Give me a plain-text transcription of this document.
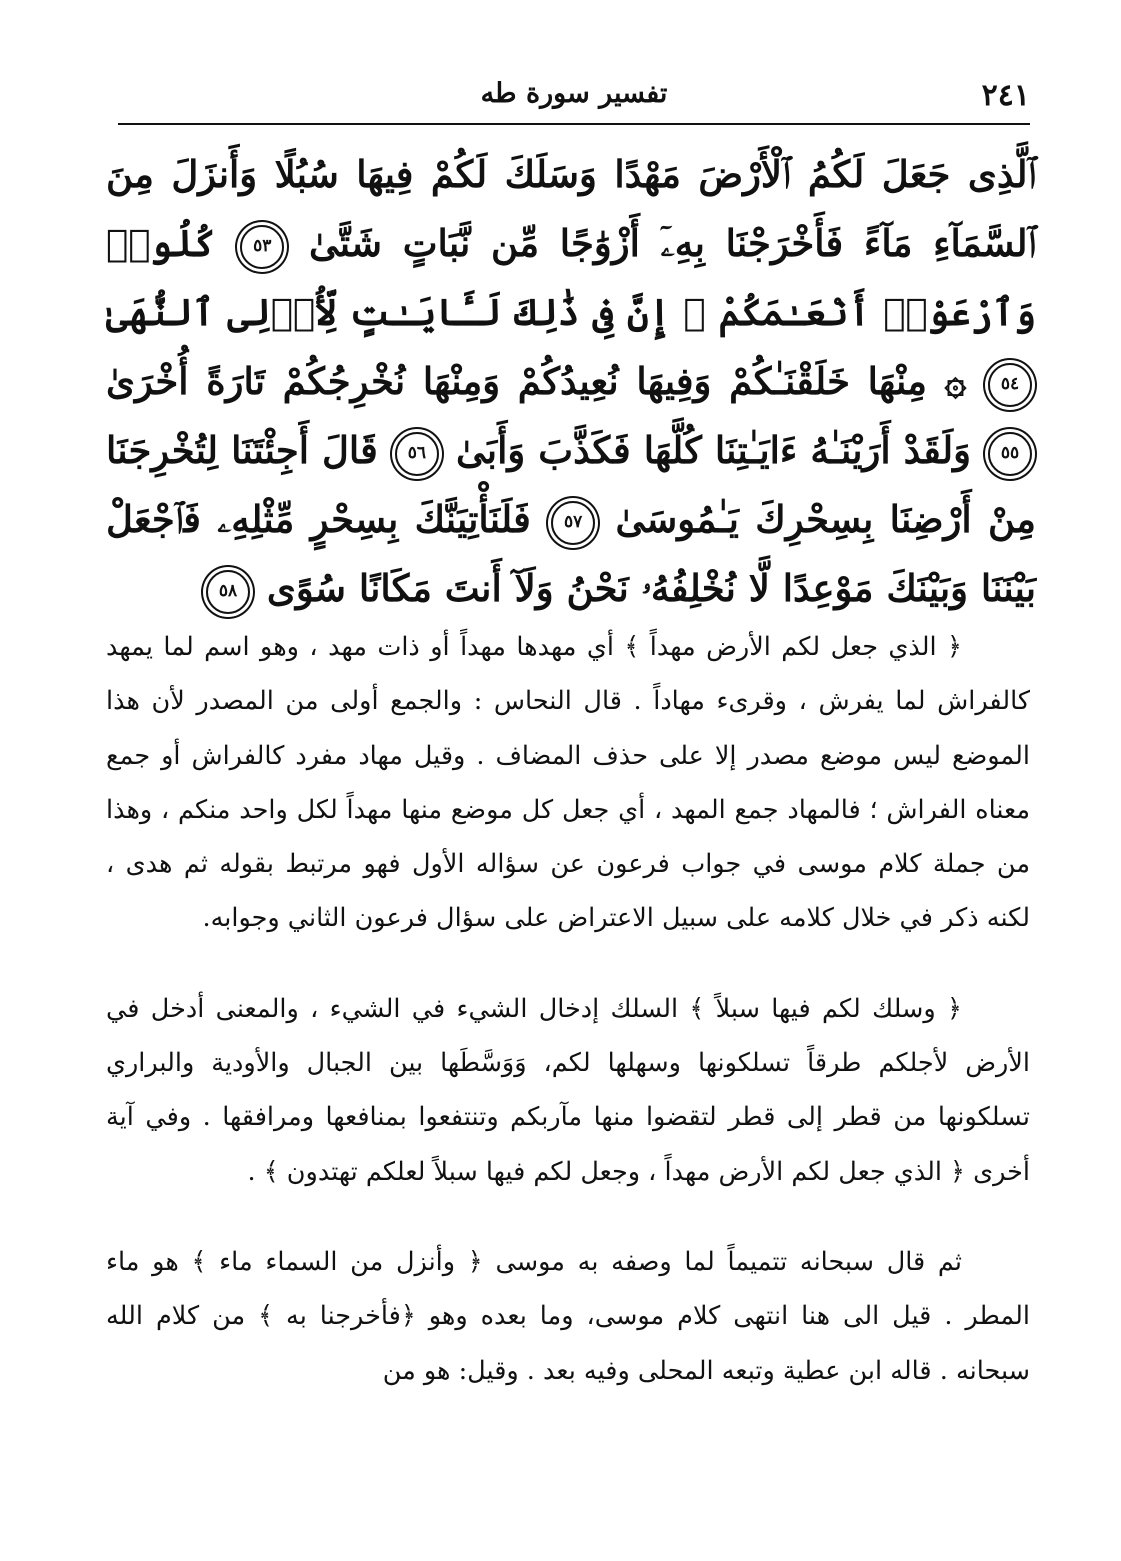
٢٤١
تفسير سورة طه
ٱلَّذِى جَعَلَ لَكُمُ ٱلْأَرْضَ مَهْدًا وَسَلَكَ لَكُمْ فِيهَا سُبُلًا وَأَنزَلَ مِنَ ٱلسَّمَآءِ مَآءً فَأَخْرَجْنَا بِهِۦٓ أَزْوَٰجًا مِّن نَّبَاتٍ شَتَّىٰ ٥٣ كُلُوا۟ وَٱرْعَوْا۟ أَنْعَـٰمَكُمْ ۗ إِنَّ فِى ذَٰلِكَ لَـَٔايَـٰتٍ لِّأُو۟لِى ٱلنُّهَىٰ ٥٤ ۞ مِنْهَا خَلَقْنَـٰكُمْ وَفِيهَا نُعِيدُكُمْ وَمِنْهَا نُخْرِجُكُمْ تَارَةً أُخْرَىٰ ٥٥ وَلَقَدْ أَرَيْنَـٰهُ ءَايَـٰتِنَا كُلَّهَا فَكَذَّبَ وَأَبَىٰ ٥٦ قَالَ أَجِئْتَنَا لِتُخْرِجَنَا مِنْ أَرْضِنَا بِسِحْرِكَ يَـٰمُوسَىٰ ٥٧ فَلَنَأْتِيَنَّكَ بِسِحْرٍ مِّثْلِهِۦ فَٱجْعَلْ بَيْنَنَا وَبَيْنَكَ مَوْعِدًا لَّا نُخْلِفُهُۥ نَحْنُ وَلَآ أَنتَ مَكَانًا سُوًى ٥٨

﴿ الذي جعل لكم الأرض مهداً ﴾ أي مهدها مهداً أو ذات مهد ، وهو اسم لما يمهد كالفراش لما يفرش ، وقرىء مهاداً . قال النحاس : والجمع أولى من المصدر لأن هذا الموضع ليس موضع مصدر إلا على حذف المضاف . وقيل مهاد مفرد كالفراش أو جمع معناه الفراش ؛ فالمهاد جمع المهد ، أي جعل كل موضع منها مهداً لكل واحد منكم ، وهذا من جملة كلام موسى في جواب فرعون عن سؤاله الأول فهو مرتبط بقوله ثم هدى ، لكنه ذكر في خلال كلامه على سبيل الاعتراض على سؤال فرعون الثاني وجوابه.

﴿ وسلك لكم فيها سبلاً ﴾ السلك إدخال الشيء في الشيء ، والمعنى أدخل في الأرض لأجلكم طرقاً تسلكونها وسهلها لكم، وَوَسَّطَها بين الجبال والأودية والبراري تسلكونها من قطر إلى قطر لتقضوا منها مآربكم وتنتفعوا بمنافعها ومرافقها . وفي آية أخرى ﴿ الذي جعل لكم الأرض مهداً ، وجعل لكم فيها سبلاً لعلكم تهتدون ﴾ .

ثم قال سبحانه تتميماً لما وصفه به موسى ﴿ وأنزل من السماء ماء ﴾ هو ماء المطر . قيل الى هنا انتهى كلام موسى، وما بعده وهو ﴿فأخرجنا به ﴾ من كلام الله سبحانه . قاله ابن عطية وتبعه المحلى وفيه بعد . وقيل: هو من
